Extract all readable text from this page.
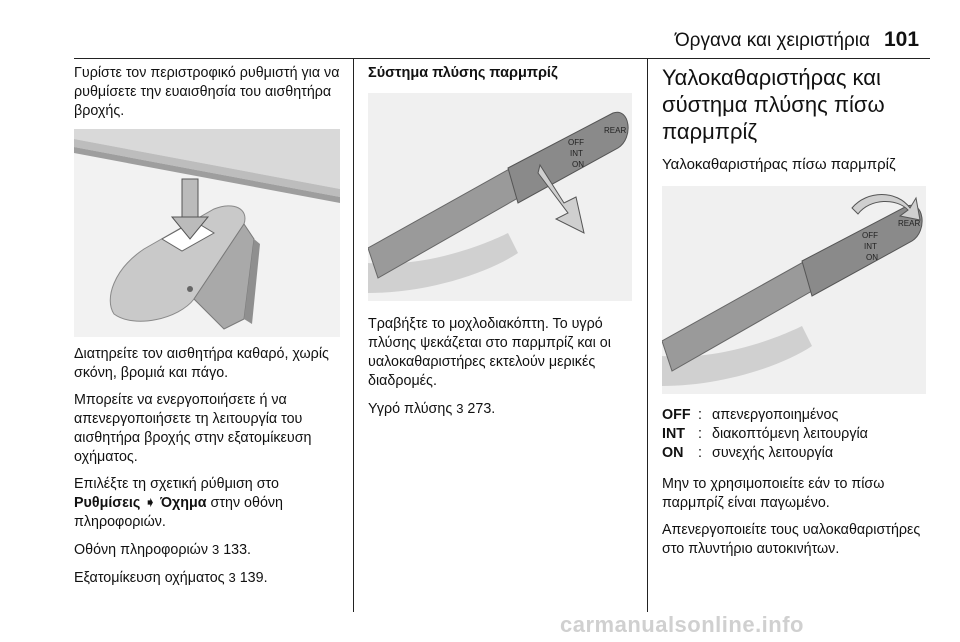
Όργανα και χειριστήρια 101

Γυρίστε τον περιστροφικό ρυθμιστή για να ρυθμίσετε την ευαισθησία του αισθητήρα βροχής.

Διατηρείτε τον αισθητήρα καθαρό, χωρίς σκόνη, βρομιά και πάγο.

Μπορείτε να ενεργοποιήσετε ή να απενεργοποιήσετε τη λειτουργία του αισθητήρα βροχής στην εξατομίκευση οχήματος.

Επιλέξτε τη σχετική ρύθμιση στο
Ρυθμίσεις ➧ Όχημα στην οθόνη πληροφοριών.

Οθόνη πληροφοριών 3 133.

Εξατομίκευση οχήματος 3 139.

Σύστημα πλύσης παρμπρίζ
OFF
INT
ON
REAR

Τραβήξτε το μοχλοδιακόπτη. Το υγρό πλύσης ψεκάζεται στο παρμπρίζ και οι υαλοκαθαριστήρες εκτελούν μερικές διαδρομές.

Υγρό πλύσης 3 273.

Υαλοκαθαριστήρας και σύστημα πλύσης πίσω παρμπρίζ
Υαλοκαθαριστήρας πίσω παρμπρίζ
OFF
INT
ON
REAR
OFF : απενεργοποιημένος
INT : διακοπτόμενη λειτουργία
ON	: συνεχής λειτουργία

Μην το χρησιμοποιείτε εάν το πίσω παρμπρίζ είναι παγωμένο.

Απενεργοποιείτε τους υαλοκαθαριστήρες στο πλυντήριο αυτοκινήτων.

carmanualsonline.info
